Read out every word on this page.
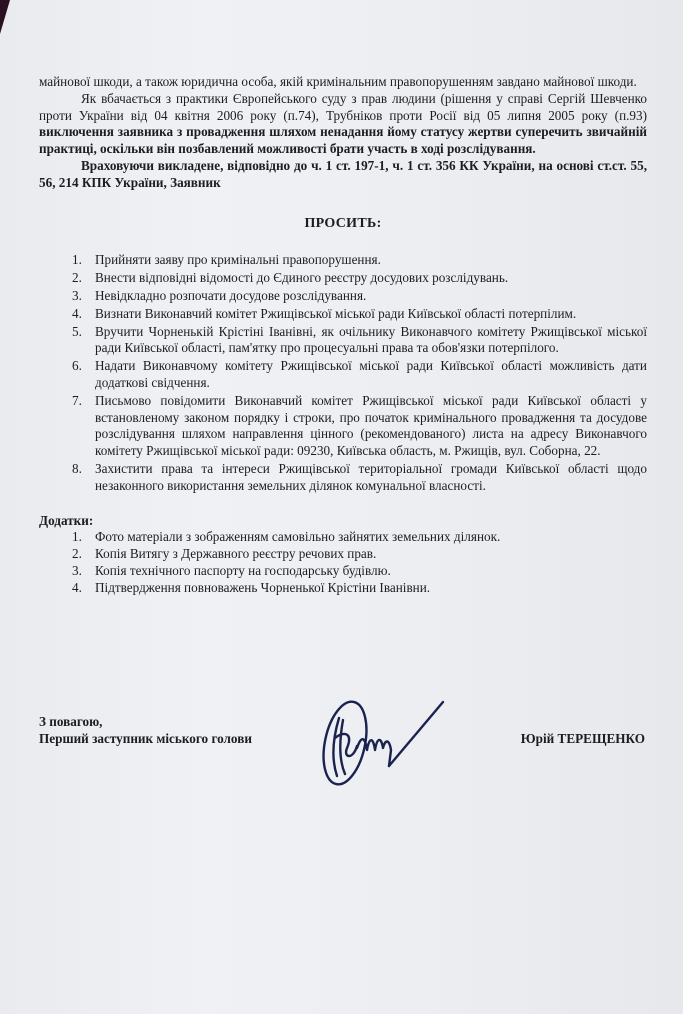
майнової шкоди, а також юридична особа, якій кримінальним правопорушенням завдано майнової шкоди.

Як вбачається з практики Європейського суду з прав людини (рішення у справі Сергій Шевченко проти України від 04 квітня 2006 року (п.74), Трубніков проти Росії від 05 липня 2005 року (п.93) виключення заявника з провадження шляхом ненадання йому статусу жертви суперечить звичайній практиці, оскільки він позбавлений можливості брати участь в ході розслідування.

Враховуючи викладене, відповідно до ч. 1 ст. 197-1, ч. 1 ст. 356 КК України, на основі ст.ст. 55, 56, 214 КПК України, Заявник

ПРОСИТЬ:
1. Прийняти заяву про кримінальні правопорушення.
2. Внести відповідні відомості до Єдиного реєстру досудових розслідувань.
3. Невідкладно розпочати досудове розслідування.
4. Визнати Виконавчий комітет Ржищівської міської ради Київської області потерпілим.
5. Вручити Чорненькій Крістіні Іванівні, як очільнику Виконавчого комітету Ржищівської міської ради Київської області, пам'ятку про процесуальні права та обов'язки потерпілого.
6. Надати Виконавчому комітету Ржищівської міської ради Київської області можливість дати додаткові свідчення.
7. Письмово повідомити Виконавчий комітет Ржищівської міської ради Київської області у встановленому законом порядку і строки, про початок кримінального провадження та досудове розслідування шляхом направлення цінного (рекомендованого) листа на адресу Виконавчого комітету Ржищівської міської ради: 09230, Київська область, м. Ржищів, вул. Соборна, 22.
8. Захистити права та інтереси Ржищівської територіальної громади Київської області щодо незаконного використання земельних ділянок комунальної власності.
Додатки:
1. Фото матеріали з зображенням самовільно зайнятих земельних ділянок.
2. Копія Витягу з Державного реєстру речових прав.
3. Копія технічного паспорту на господарську будівлю.
4. Підтвердження повноважень Чорненької Крістіни Іванівни.
З повагою,
Перший заступник міського голови	Юрій ТЕРЕЩЕНКО
